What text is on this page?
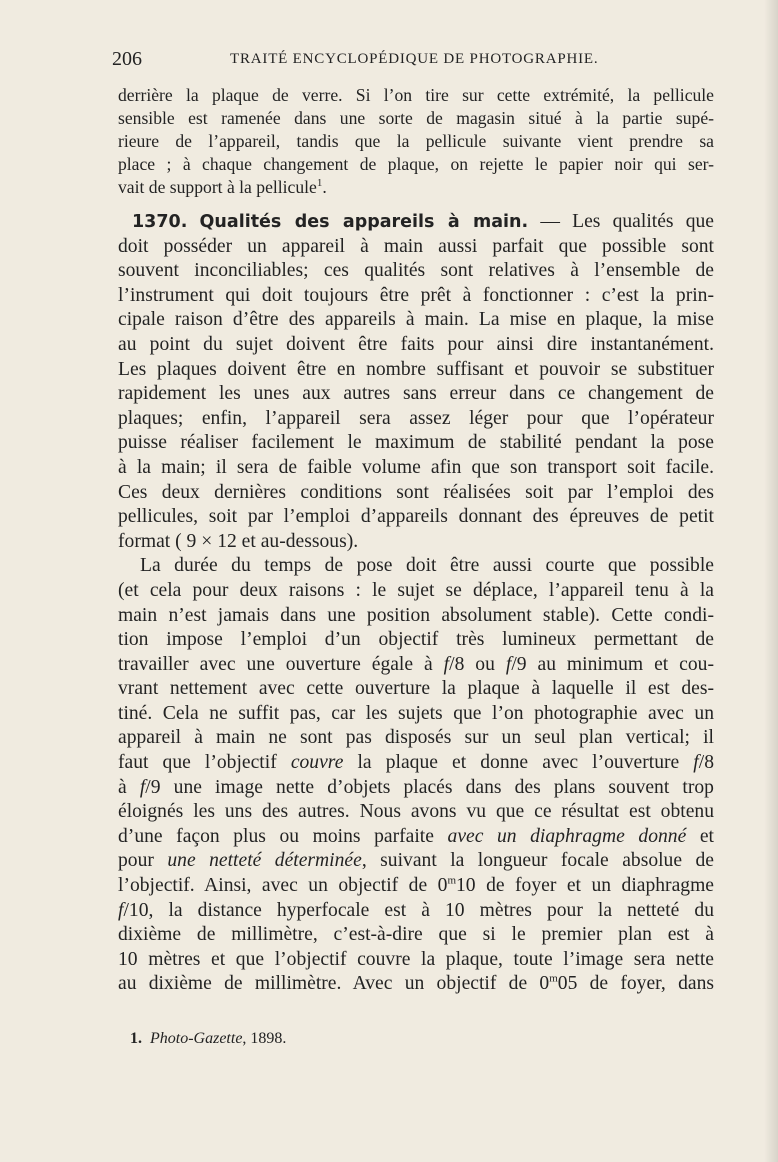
206	TRAITÉ ENCYCLOPÉDIQUE DE PHOTOGRAPHIE.
derrière la plaque de verre. Si l’on tire sur cette extrémité, la pellicule
sensible est ramenée dans une sorte de magasin situé à la partie supé-
rieure de l’appareil, tandis que la pellicule suivante vient prendre sa
place ; à chaque changement de plaque, on rejette le papier noir qui ser-
vait de support à la pellicule$^1$.
1370. Qualités des appareils à main. — Les qualités que
doit posséder un appareil à main aussi parfait que possible sont
souvent inconciliables; ces qualités sont relatives à l’ensemble de
l’instrument qui doit toujours être prêt à fonctionner : c’est la prin-
cipale raison d’être des appareils à main. La mise en plaque, la mise
au point du sujet doivent être faits pour ainsi dire instantanément.
Les plaques doivent être en nombre suffisant et pouvoir se substituer
rapidement les unes aux autres sans erreur dans ce changement de
plaques; enfin, l’appareil sera assez léger pour que l’opérateur
puisse réaliser facilement le maximum de stabilité pendant la pose
à la main; il sera de faible volume afin que son transport soit facile.
Ces deux dernières conditions sont réalisées soit par l’emploi des
pellicules, soit par l’emploi d’appareils donnant des épreuves de petit
format ( 9 × 12 et au-dessous).
La durée du temps de pose doit être aussi courte que possible
(et cela pour deux raisons : le sujet se déplace, l’appareil tenu à la
main n’est jamais dans une position absolument stable). Cette condi-
tion impose l’emploi d’un objectif très lumineux permettant de
travailler avec une ouverture égale à f/8 ou f/9 au minimum et cou-
vrant nettement avec cette ouverture la plaque à laquelle il est des-
tiné. Cela ne suffit pas, car les sujets que l’on photographie avec un
appareil à main ne sont pas disposés sur un seul plan vertical; il
faut que l’objectif couvre la plaque et donne avec l’ouverture f/8
à f/9 une image nette d’objets placés dans des plans souvent trop
éloignés les uns des autres. Nous avons vu que ce résultat est obtenu
d’une façon plus ou moins parfaite avec un diaphragme donné et
pour une netteté déterminée, suivant la longueur focale absolue de
l’objectif. Ainsi, avec un objectif de 0$^m$10 de foyer et un diaphragme
f/10, la distance hyperfocale est à 10 mètres pour la netteté du
dixième de millimètre, c’est-à-dire que si le premier plan est à
10 mètres et que l’objectif couvre la plaque, toute l’image sera nette
au dixième de millimètre. Avec un objectif de 0$^m$05 de foyer, dans
1. Photo-Gazette, 1898.
